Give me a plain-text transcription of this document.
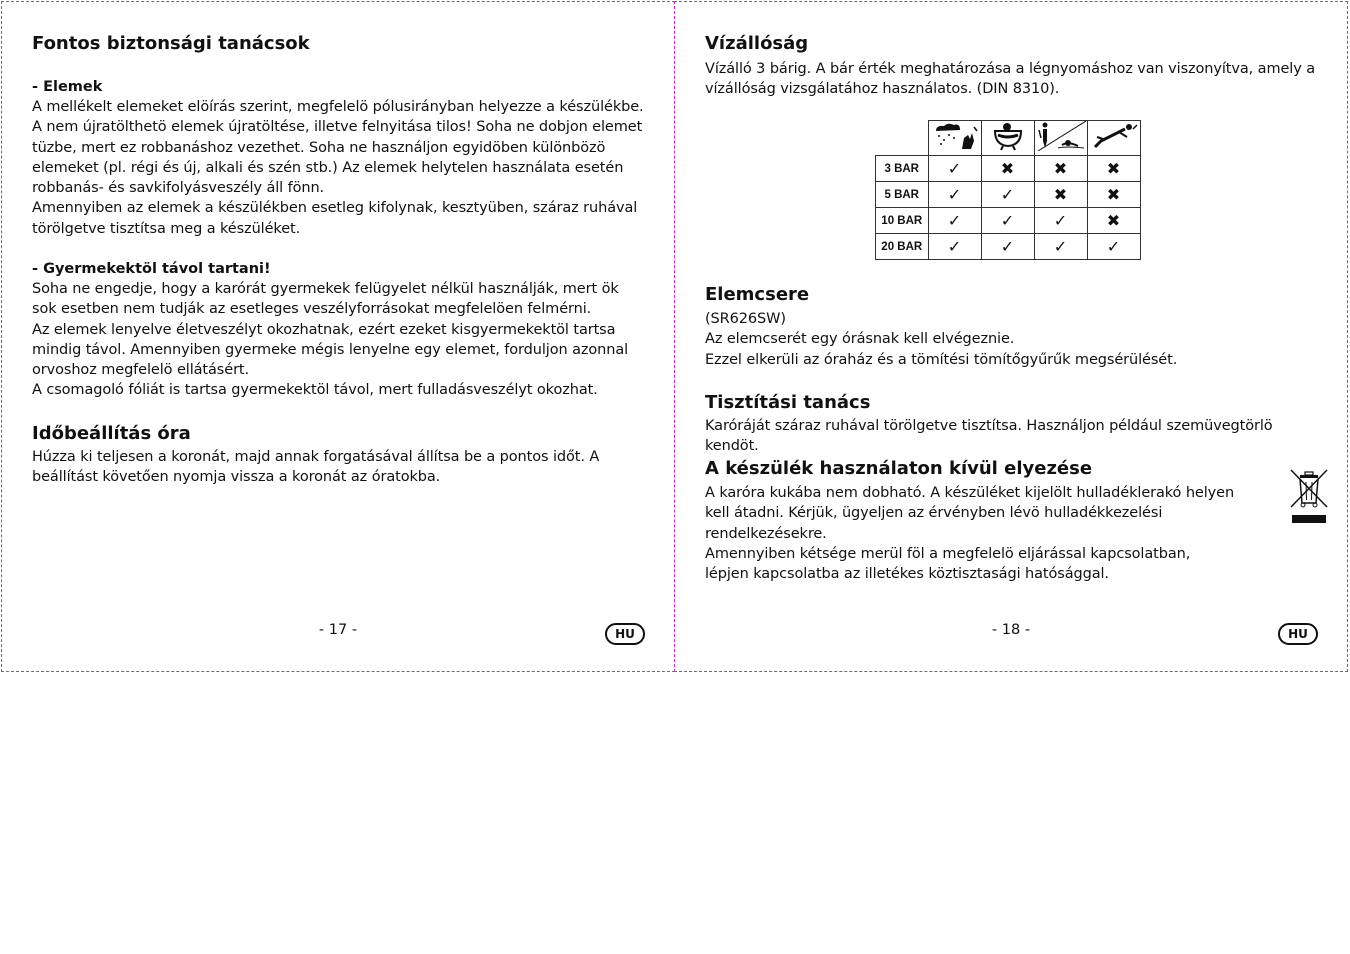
Fontos biztonsági tanácsok
- Elemek

A mellékelt elemeket elöírás szerint, megfelelö pólusirányban helyezze a készülékbe. A nem újratölthetö elemek újratöltése, illetve felnyitása tilos! Soha ne dobjon elemet tüzbe, mert ez robbanáshoz vezethet. Soha ne használjon egyidöben különbözö elemeket (pl. régi és új, alkali és szén stb.) Az elemek helytelen használata esetén robbanás- és savkifolyásveszély áll fönn.

Amennyiben az elemek a készülékben esetleg kifolynak, kesztyüben, száraz ruhával törölgetve tisztítsa meg a készüléket.

- Gyermekektöl távol tartani!

Soha ne engedje, hogy a karórát gyermekek felügyelet nélkül használják, mert ök sok esetben nem tudják az esetleges veszélyforrásokat megfelelöen felmérni.

Az elemek lenyelve életveszélyt okozhatnak, ezért ezeket kisgyermekektöl tartsa mindig távol. Amennyiben gyermeke mégis lenyelne egy elemet, forduljon azonnal orvoshoz megfelelö ellátásért.

A csomagoló fóliát is tartsa gyermekektöl távol, mert fulladásveszélyt okozhat.

Időbeállítás óra

Húzza ki teljesen a koronát, majd annak forgatásával állítsa be a pontos időt. A beállítást követően nyomja vissza a koronát az óratokba.

- 17 -	HU
Vízállóság

Vízálló 3 bárig. A bár érték meghatározása a légnyomáshoz van viszonyítva, amely a vízállóság vizsgálatához használatos. (DIN 8310).

3 BAR	✓	✖	✖	✖
5 BAR	✓	✓	✖	✖
10 BAR	✓	✓	✓	✖
20 BAR	✓	✓	✓	✓
Elemcsere

(SR626SW)

Az elemcserét egy órásnak kell elvégeznie.

Ezzel elkerüli az óraház és a tömítési tömítőgyűrűk megsérülését.

Tisztítási tanács

Karóráját száraz ruhával törölgetve tisztítsa. Használjon például szemüvegtörlö kendöt.

A készülék használaton kívül elyezése

A karóra kukába nem dobható. A készüléket kijelölt hulladéklerakó helyen kell átadni. Kérjük, ügyeljen az érvényben lévö hulladékkezelési rendelkezésekre.

Amennyiben kétsége merül föl a megfelelö eljárással kapcsolatban, lépjen kapcsolatba az illetékes köztisztasági hatósággal.

- 18 -	HU
